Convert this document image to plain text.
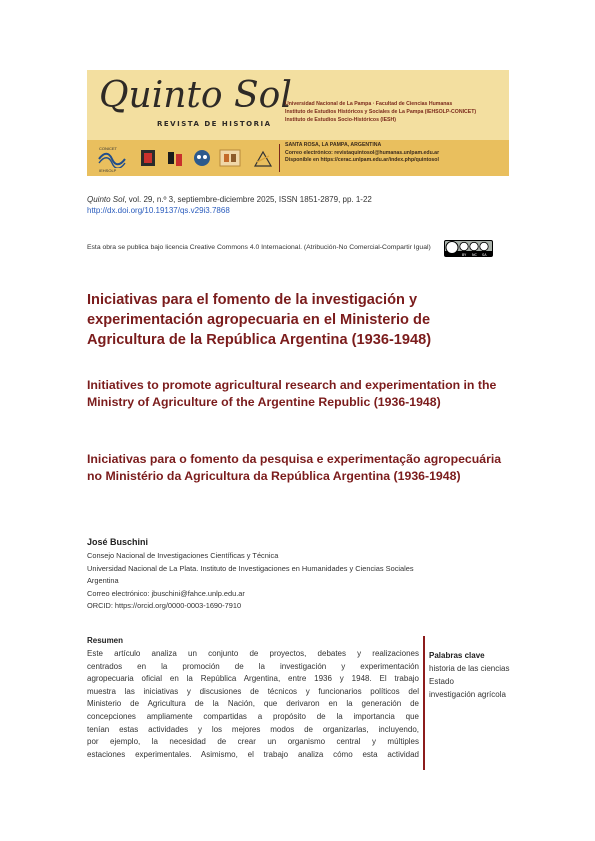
Quinto Sol
REVISTA DE HISTORIA
Universidad Nacional de La Pampa · Facultad de Ciencias Humanas
Instituto de Estudios Históricos y Sociales de La Pampa (IEHSOLP-CONICET)
Instituto de Estudios Socio-Históricos (IESH)
CONICET
IEHSOLP
SANTA ROSA, LA PAMPA, ARGENTINA
Correo electrónico: revistaquintosol@humanas.unlpam.edu.ar
Disponible en https://cerac.unlpam.edu.ar/index.php/quintosol
Quinto Sol, vol. 29, n.º 3, septiembre-diciembre 2025, ISSN 1851-2879, pp. 1-22
http://dx.doi.org/10.19137/qs.v29i3.7868
Esta obra se publica bajo licencia Creative Commons 4.0 Internacional. (Atribución-No Comercial-Compartir Igual)
BY NC SA
Iniciativas para el fomento de la investigación y experimentación agropecuaria en el Ministerio de Agricultura de la República Argentina (1936-1948)
Initiatives to promote agricultural research and experimentation in the Ministry of Agriculture of the Argentine Republic (1936-1948)
Iniciativas para o fomento da pesquisa e experimentação agropecuária no Ministério da Agricultura da República Argentina (1936-1948)
José Buschini
Consejo Nacional de Investigaciones Científicas y Técnica
Universidad Nacional de La Plata. Instituto de Investigaciones en Humanidades y Ciencias Sociales
Argentina
Correo electrónico: jbuschini@fahce.unlp.edu.ar
ORCID: https://orcid.org/0000-0003-1690-7910
Resumen
Este artículo analiza un conjunto de proyectos, debates y realizaciones
centrados en la promoción de la investigación y experimentación
agropecuaria oficial en la República Argentina, entre 1936 y 1948. El trabajo
muestra las iniciativas y discusiones de técnicos y funcionarios políticos del
Ministerio de Agricultura de la Nación, que derivaron en la generación de
concepciones ampliamente compartidas a propósito de la importancia que
tenían estas actividades y los mejores modos de organizarlas, incluyendo,
por ejemplo, la necesidad de crear un organismo central y múltiples
estaciones experimentales. Asimismo, el trabajo analiza cómo esta actividad
Palabras clave
historia de las ciencias
Estado
investigación agrícola
